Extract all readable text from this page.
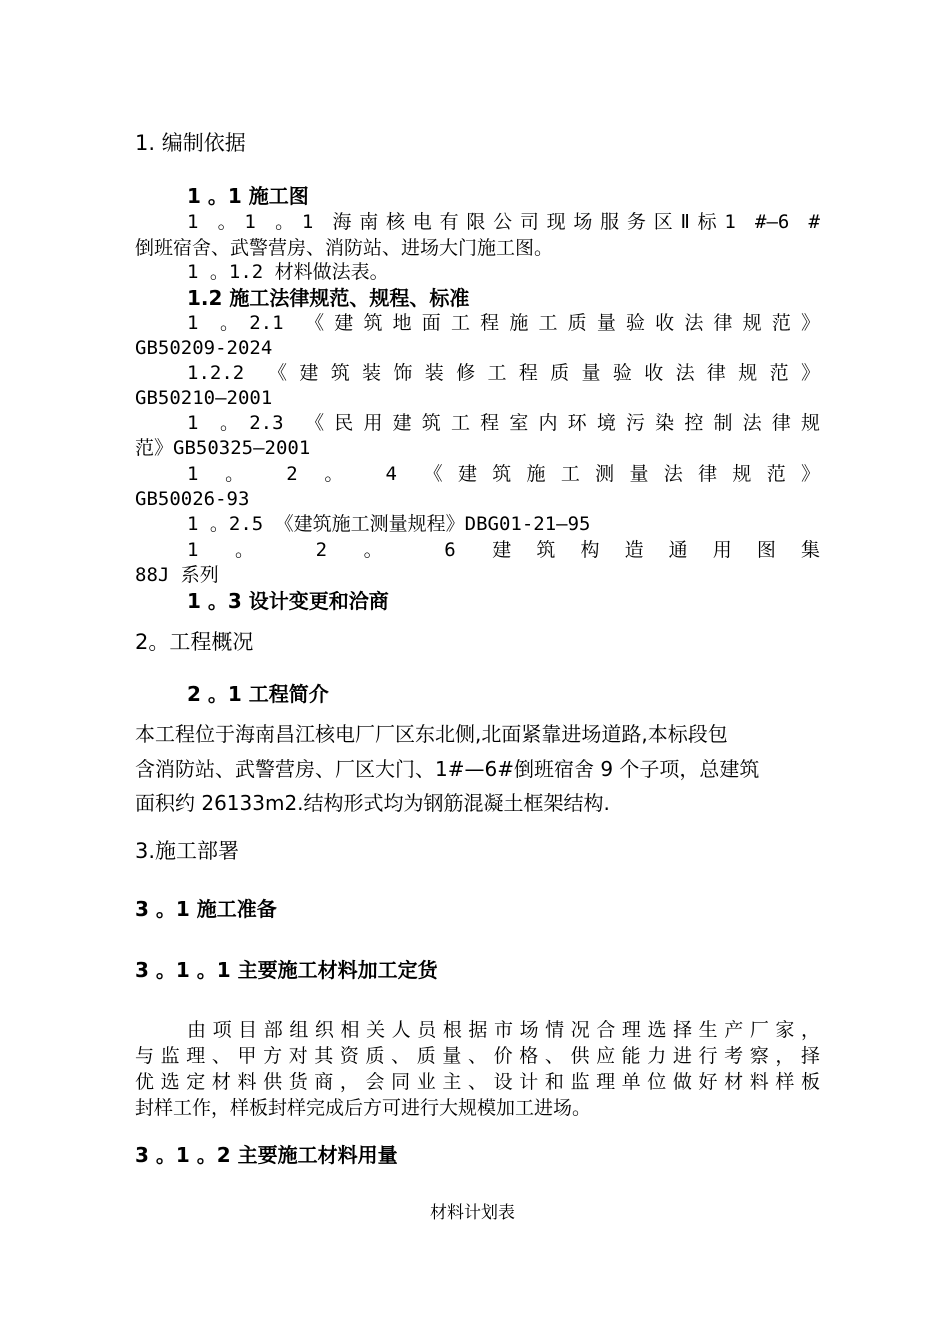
1. 编制依据
1 。1 施工图
1 。1 。1 海南核电有限公司现场服务区Ⅱ标1 #—6 #
倒班宿舍、武警营房、消防站、进场大门施工图。
1 。1.2 材料做法表。
1.2 施工法律规范、规程、标准
1 。2.1 《建筑地面工程施工质量验收法律规范》
GB50209-2024
1.2.2 《建筑装饰装修工程质量验收法律规范》
GB50210—2001
1 。2.3 《民用建筑工程室内环境污染控制法律规
范》GB50325—2001
1 。 2 。 4 《建筑施工测量法律规范》
GB50026-93
1 。2.5 《建筑施工测量规程》DBG01-21—95
1 。 2 。 6 建筑构造通用图集
88J 系列
1 。3 设计变更和洽商
2。工程概况
2 。1 工程简介
本工程位于海南昌江核电厂厂区东北侧,北面紧靠进场道路,本标段包
含消防站、武警营房、厂区大门、1#—6#倒班宿舍 9 个子项，总建筑
面积约 26133m2.结构形式均为钢筋混凝土框架结构.
3.施工部署
3 。1 施工准备
3 。1 。1 主要施工材料加工定货
由项目部组织相关人员根据市场情况合理选择生产厂家，
与监理、甲方对其资质、质量、价格、供应能力进行考察，择
优选定材料供货商，会同业主、设计和监理单位做好材料样板
封样工作，样板封样完成后方可进行大规模加工进场。
3 。1 。2 主要施工材料用量
材料计划表
